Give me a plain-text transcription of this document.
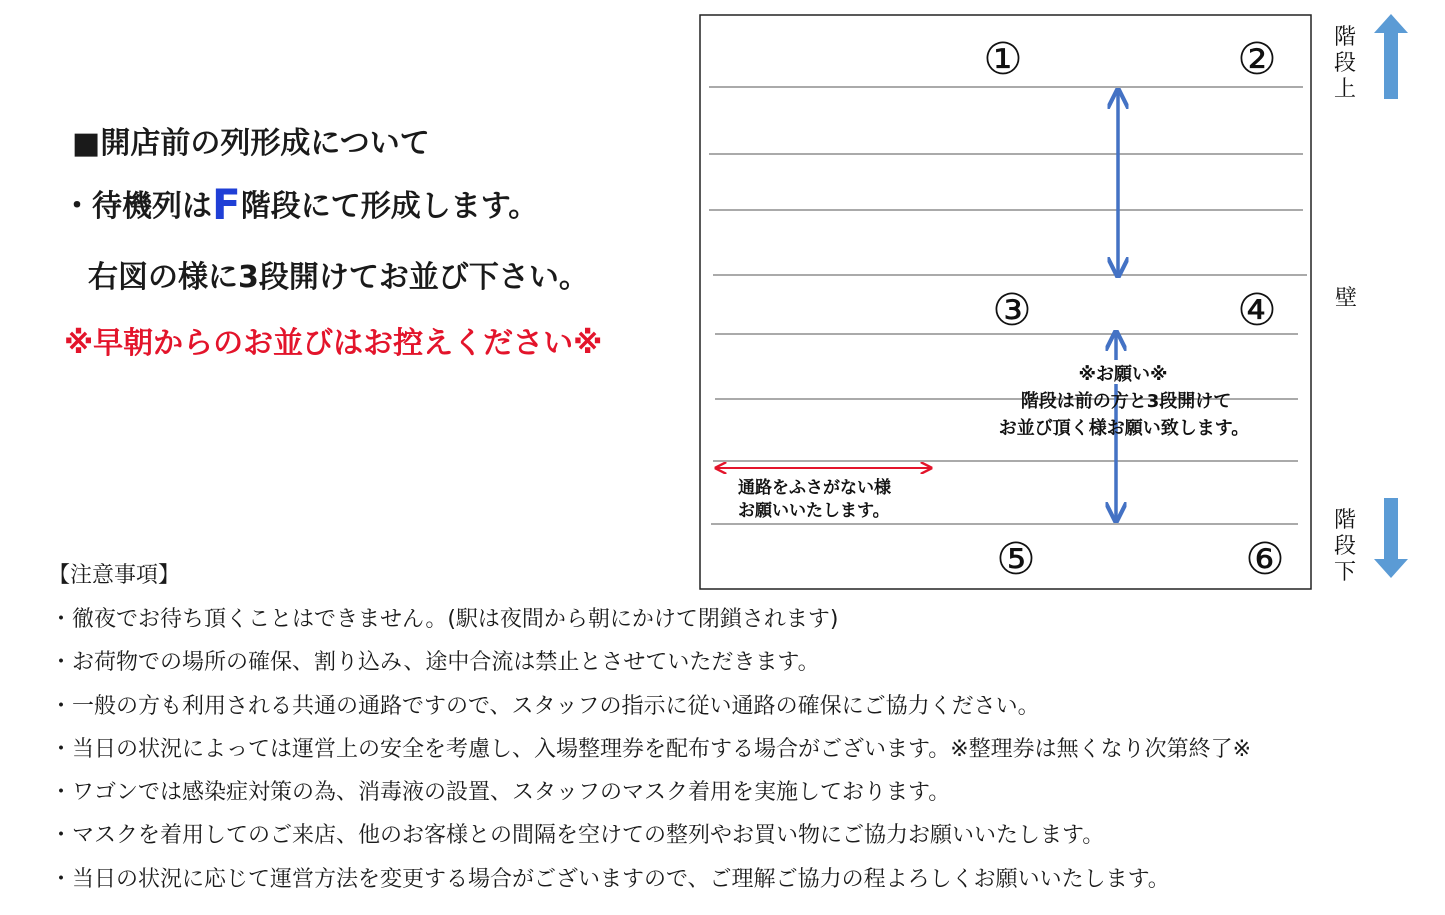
■開店前の列形成について
・待機列はF階段にて形成します。
右図の様に3段開けてお並び下さい。
※早朝からのお並びはお控えください※
①	②
③	④
⑤	⑥
※お願い※
階段は前の方と3段開けて
お並び頂く様お願い致します。
通路をふさがない様
お願いいたします。
階
段
上
壁
階
段
下
【注意事項】
・徹夜でお待ち頂くことはできません。(駅は夜間から朝にかけて閉鎖されます)
・お荷物での場所の確保、割り込み、途中合流は禁止とさせていただきます。
・一般の方も利用される共通の通路ですので、スタッフの指示に従い通路の確保にご協力ください。
・当日の状況によっては運営上の安全を考慮し、入場整理券を配布する場合がございます。※整理券は無くなり次第終了※
・ワゴンでは感染症対策の為、消毒液の設置、スタッフのマスク着用を実施しております。
・マスクを着用してのご来店、他のお客様との間隔を空けての整列やお買い物にご協力お願いいたします。
・当日の状況に応じて運営方法を変更する場合がございますので、ご理解ご協力の程よろしくお願いいたします。
